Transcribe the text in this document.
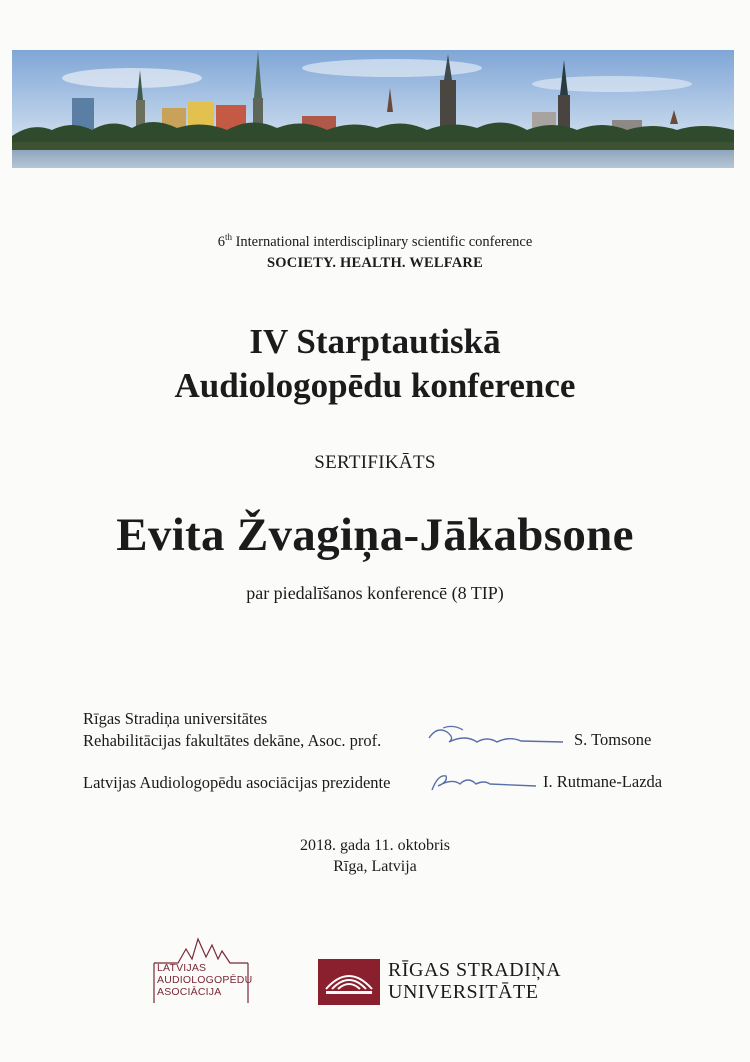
6th International interdisciplinary scientific conference
SOCIETY. HEALTH. WELFARE
IV Starptautiskā
Audiologopēdu konference
SERTIFIKĀTS
Evita Žvagiņa-Jākabsone
par piedalīšanos konferencē (8 TIP)
Rīgas Stradiņa universitātes
Rehabilitācijas fakultātes dekāne, Asoc. prof.	S. Tomsone
Latvijas Audiologopēdu asociācijas prezidente	I. Rutmane-Lazda
2018. gada 11. oktobris
Rīga, Latvija
LATVIJAS
AUDIOLOGOPĒDU
ASOCIĀCIJA
RĪGAS STRADIŅA
UNIVERSITĀTE
